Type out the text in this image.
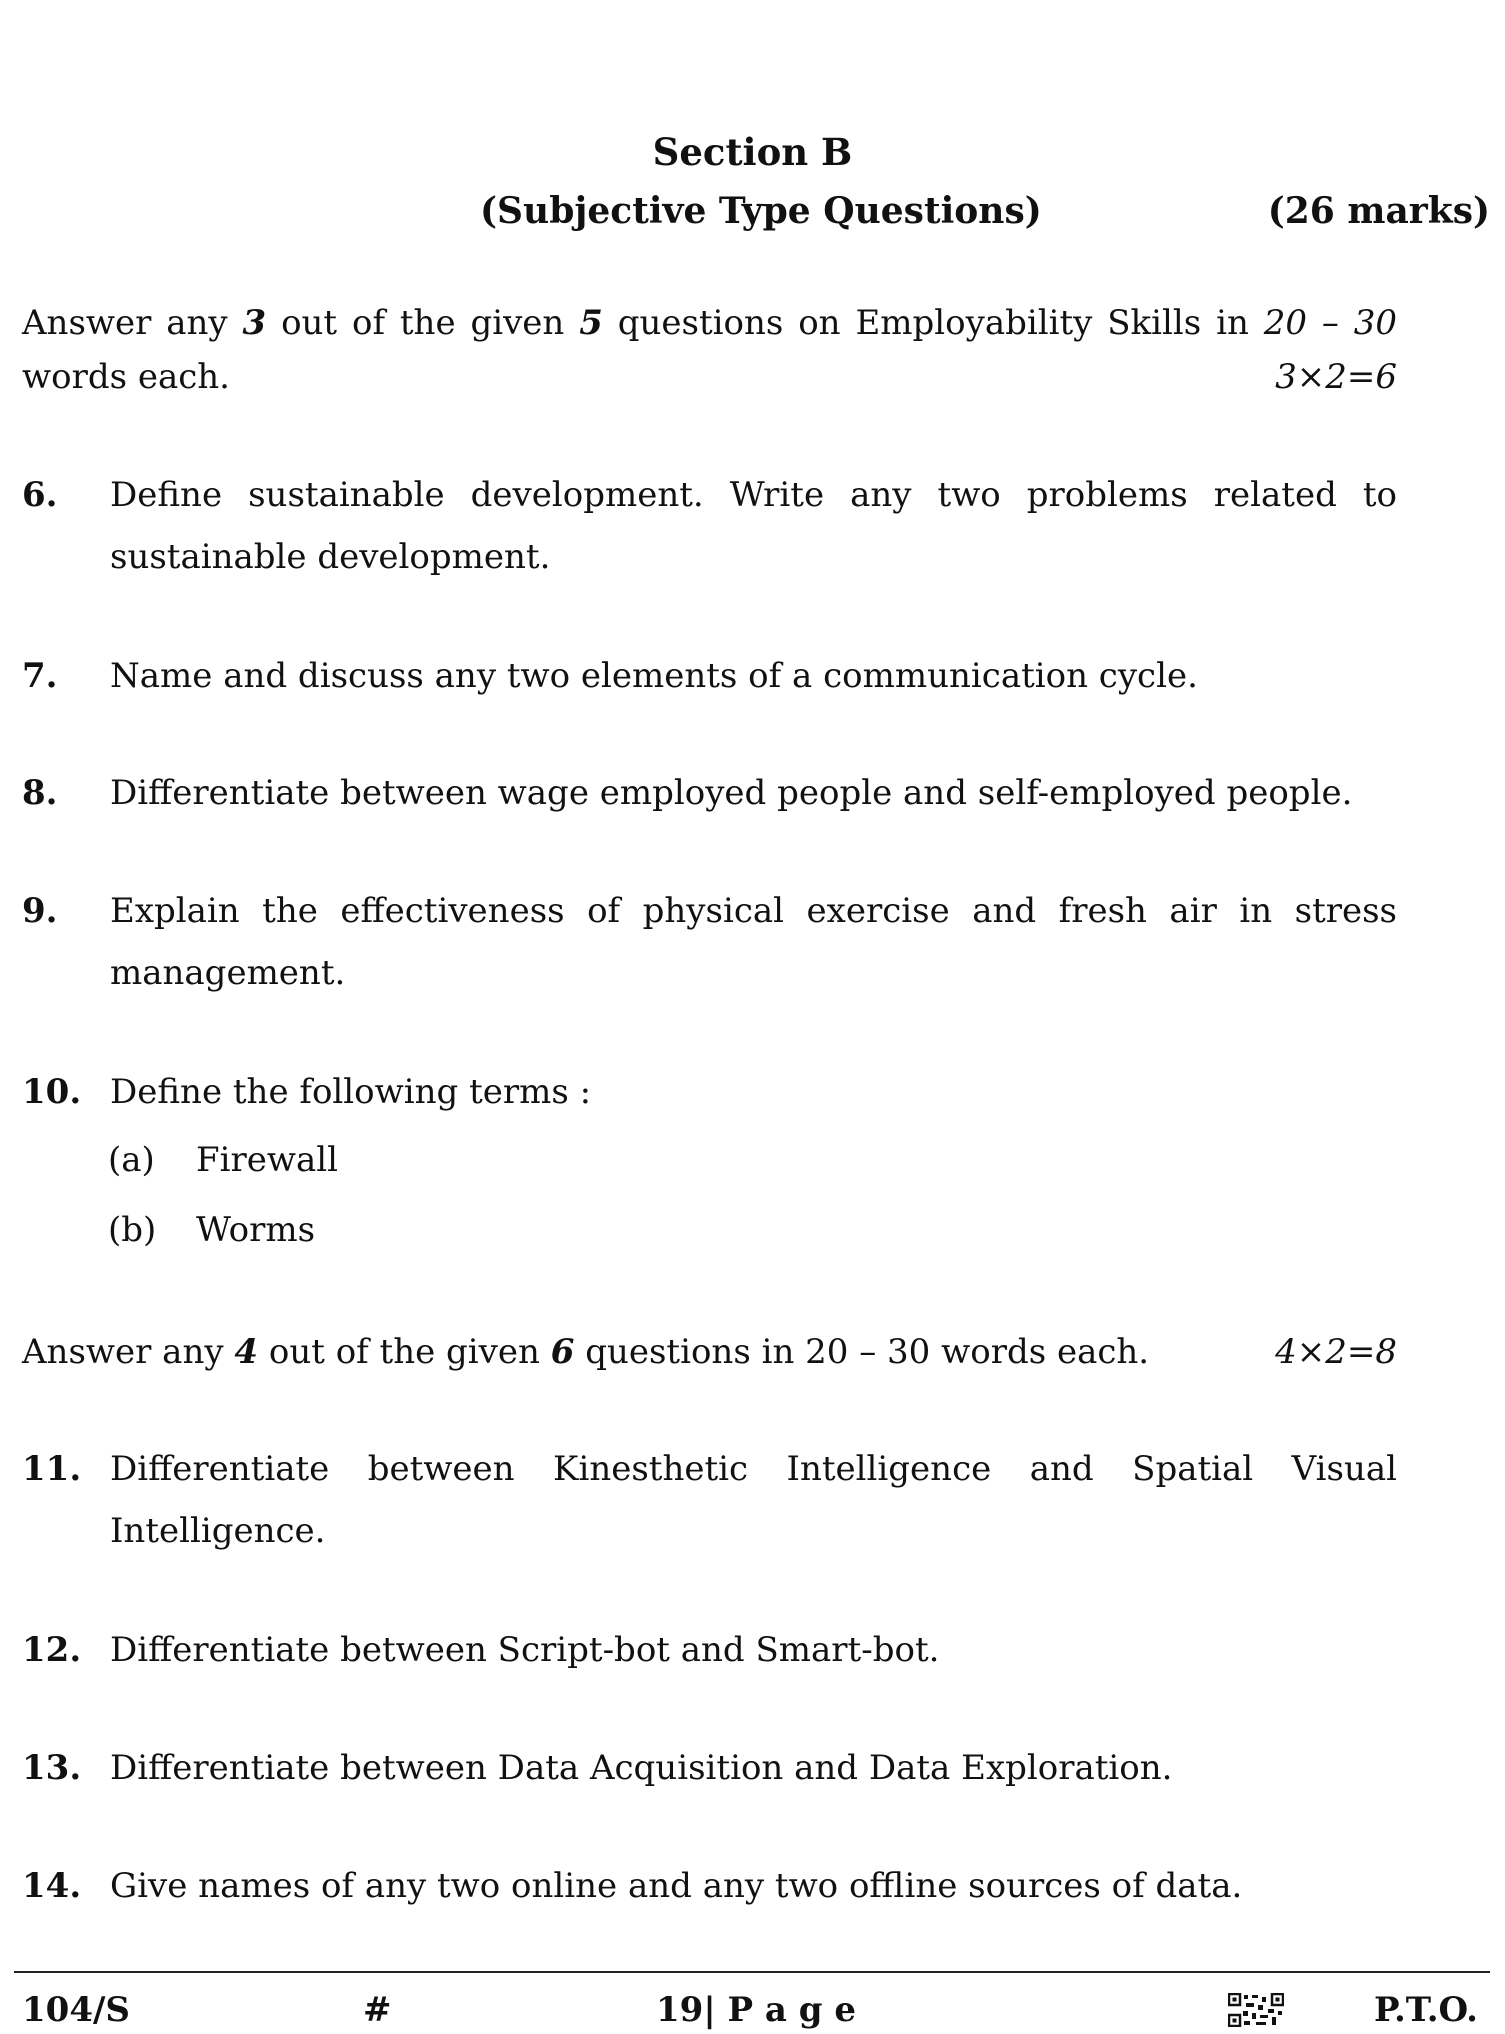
Section B
(Subjective Type Questions)	(26 marks)
Answer any 3 out of the given 5 questions on Employability Skills in 20 – 30
words each.	3×2=6
6. Define sustainable development. Write any two problems related to sustainable development.
7. Name and discuss any two elements of a communication cycle.
8. Differentiate between wage employed people and self-employed people.
9. Explain the effectiveness of physical exercise and fresh air in stress management.
10. Define the following terms :
(a) Firewall
(b) Worms
Answer any 4 out of the given 6 questions in 20 – 30 words each.	4×2=8
11. Differentiate between Kinesthetic Intelligence and Spatial Visual Intelligence.
12. Differentiate between Script-bot and Smart-bot.
13. Differentiate between Data Acquisition and Data Exploration.
14. Give names of any two online and any two offline sources of data.
104/S	#	19| P a g e	P.T.O.
